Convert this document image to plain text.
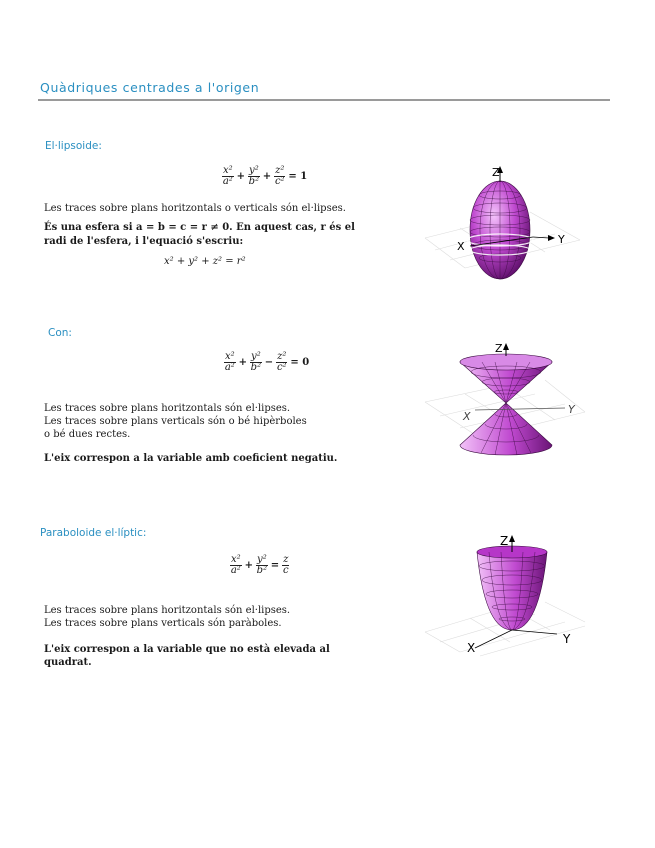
Quàdriques centrades a l'origen
El·lipsoide:
$\frac{\text{x²}}{\text{a²}} + \frac{\text{y²}}{\text{b²}} + \frac{\text{z²}}{\text{c²}} = 1$
Les traces sobre plans horitzontals o verticals són el·lipses.
És una esfera si a = b = c = r ≠ 0. En aquest cas, r és el
radi de l'esfera, i l'equació s'escriu:
x² + y² + z² = r²
Z
X
Y
Con:
$\frac{\text{x²}}{\text{a²}} + \frac{\text{y²}}{\text{b²}} - \frac{\text{z²}}{\text{c²}} = 0$
Les traces sobre plans horitzontals són el·lipses.
Les traces sobre plans verticals són o bé hipèrboles
o bé dues rectes.
L'eix correspon a la variable amb coeficient negatiu.
Z
X
Y
Paraboloide el·líptic:
$\frac{\text{x²}}{\text{a²}} + \frac{\text{y²}}{\text{b²}} = \frac{z}{c}$
Les traces sobre plans horitzontals són el·lipses.
Les traces sobre plans verticals són paràboles.
L'eix correspon a la variable que no està elevada al
quadrat.
Z
X
Y
